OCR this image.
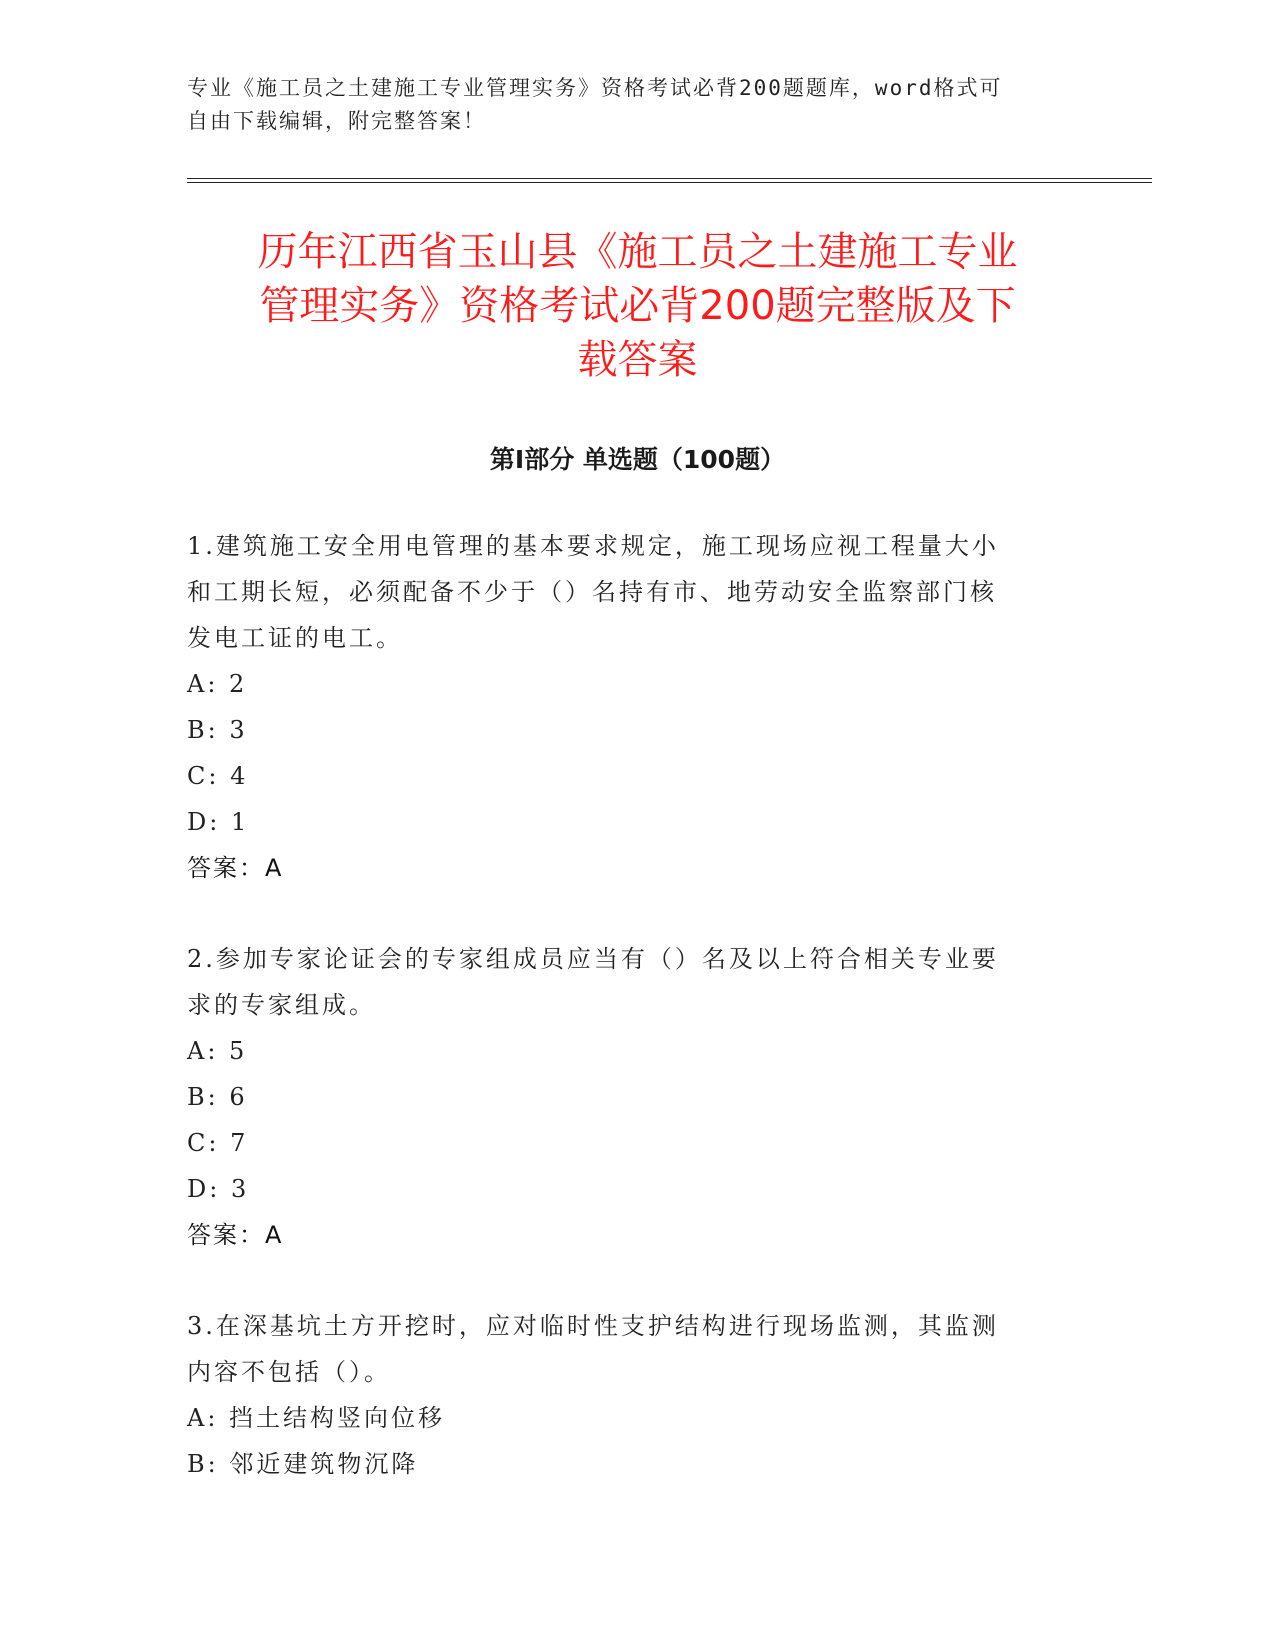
专业《施工员之土建施工专业管理实务》资格考试必背200题题库，word格式可
自由下载编辑，附完整答案！
历年江西省玉山县《施工员之土建施工专业
管理实务》资格考试必背200题完整版及下
载答案
第Ⅰ部分 单选题（100题）
1.建筑施工安全用电管理的基本要求规定，施工现场应视工程量大小
和工期长短，必须配备不少于（）名持有市、地劳动安全监察部门核
发电工证的电工。
A: 2
B: 3
C: 4
D: 1
答案：A
2.参加专家论证会的专家组成员应当有（）名及以上符合相关专业要
求的专家组成。
A: 5
B: 6
C: 7
D: 3
答案：A
3.在深基坑土方开挖时，应对临时性支护结构进行现场监测，其监测
内容不包括（）。
A: 挡土结构竖向位移
B: 邻近建筑物沉降
